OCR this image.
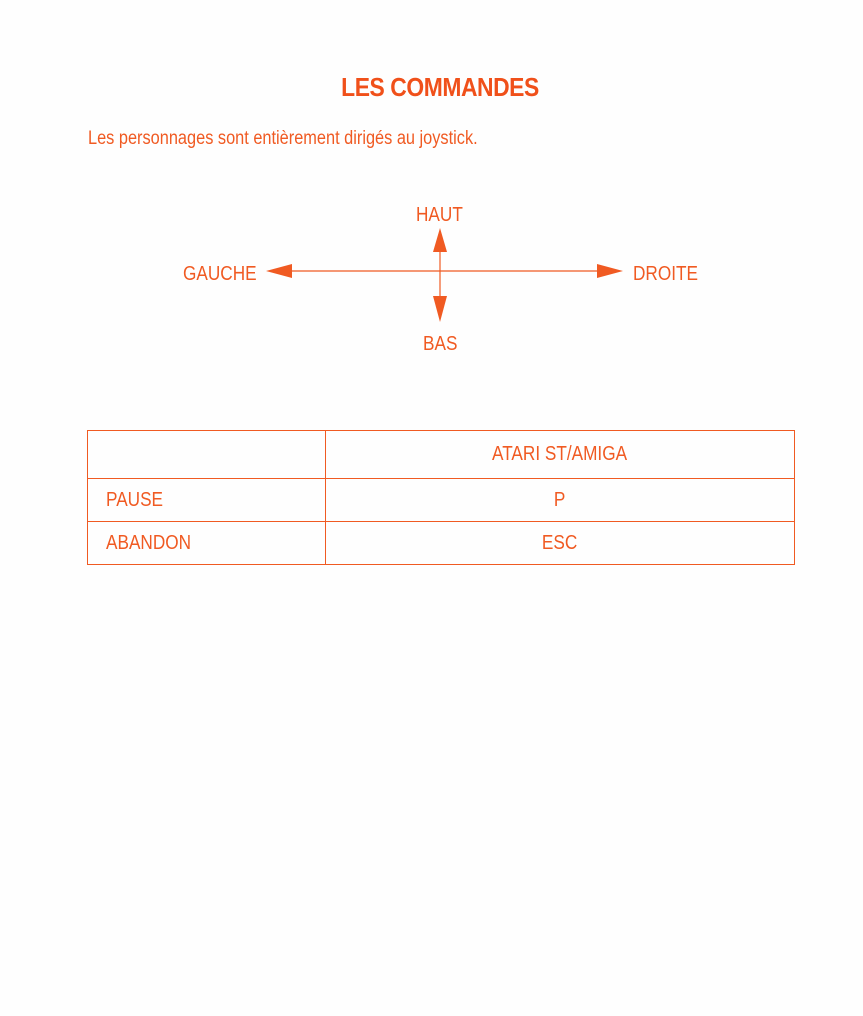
LES COMMANDES
Les personnages sont entièrement dirigés au joystick.
HAUT
BAS
GAUCHE	DROITE
	ATARI ST/AMIGA
PAUSE	P
ABANDON	ESC
